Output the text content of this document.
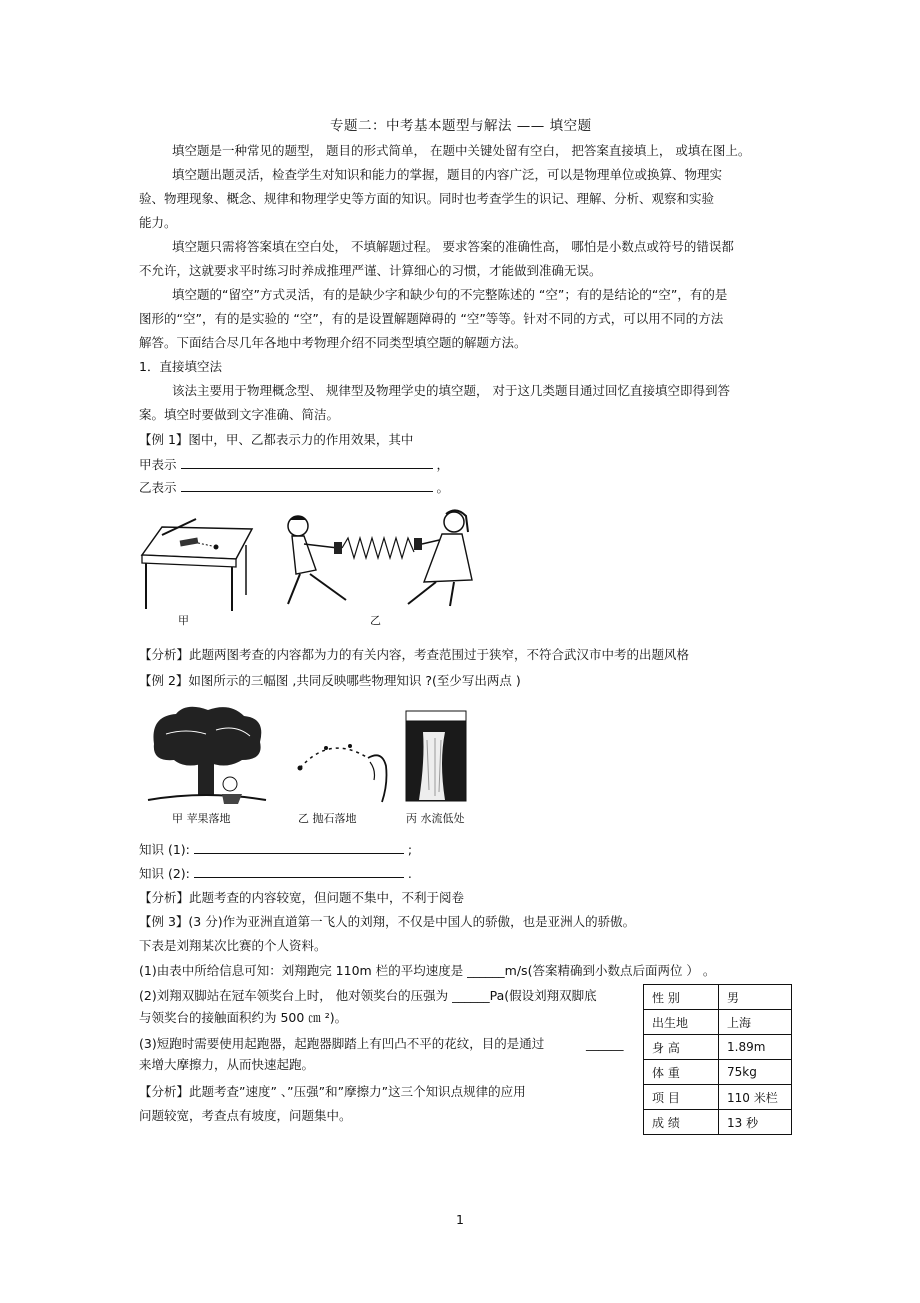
专题二：中考基本题型与解法 —— 填空题
填空题是一种常见的题型， 题目的形式简单， 在题中关键处留有空白， 把答案直接填上， 或填在图上。
填空题出题灵活，检查学生对知识和能力的掌握，题目的内容广泛，可以是物理单位或换算、物理实
验、物理现象、概念、规律和物理学史等方面的知识。同时也考查学生的识记、理解、分析、观察和实验
能力。
填空题只需将答案填在空白处， 不填解题过程。 要求答案的准确性高， 哪怕是小数点或符号的错误都
不允许，这就要求平时练习时养成推理严谨、计算细心的习惯，才能做到准确无误。
填空题的“留空”方式灵活，有的是缺少字和缺少句的不完整陈述的 “空”；有的是结论的“空”，有的是
图形的“空”，有的是实验的 “空”，有的是设置解题障碍的 “空”等等。针对不同的方式，可以用不同的方法
解答。下面结合尽几年各地中考物理介绍不同类型填空题的解题方法。
1．直接填空法
该法主要用于物理概念型、 规律型及物理学史的填空题， 对于这几类题目通过回忆直接填空即得到答
案。填空时要做到文字准确、简洁。
【例 1】图中，甲、乙都表示力的作用效果，其中
甲表示	，
乙表示	。
甲	乙
【分析】此题两图考查的内容都为力的有关内容，考查范围过于狭窄，不符合武汉市中考的出题风格
【例 2】如图所示的三幅图 ,共同反映哪些物理知识 ?(至少写出两点 )
甲 苹果落地	乙 抛石落地	丙 水流低处
知识 (1):	;
知识 (2):	.
【分析】此题考查的内容较宽，但问题不集中，不利于阅卷
【例 3】(3 分)作为亚洲直道第一飞人的刘翔，不仅是中国人的骄傲，也是亚洲人的骄傲。
下表是刘翔某次比赛的个人资料。
(1)由表中所给信息可知：刘翔跑完 110m 栏的平均速度是 ______m/s(答案精确到小数点后面两位 ） 。
(2)刘翔双脚站在冠车领奖台上时， 他对领奖台的压强为 ______Pa(假设刘翔双脚底
与领奖台的接触面积约为 500 ㎝ ²)。
(3)短跑时需要使用起跑器，起跑器脚踏上有凹凸不平的花纹，目的是通过	______
来增大摩擦力，从而快速起跑。
【分析】此题考查”速度” 、”压强”和”摩擦力”这三个知识点规律的应用
问题较宽，考查点有坡度，问题集中。
性 别	男
出生地	上海
身 高	1.89m
体 重	75kg
项 目	110 米栏
成 绩	13 秒
1
